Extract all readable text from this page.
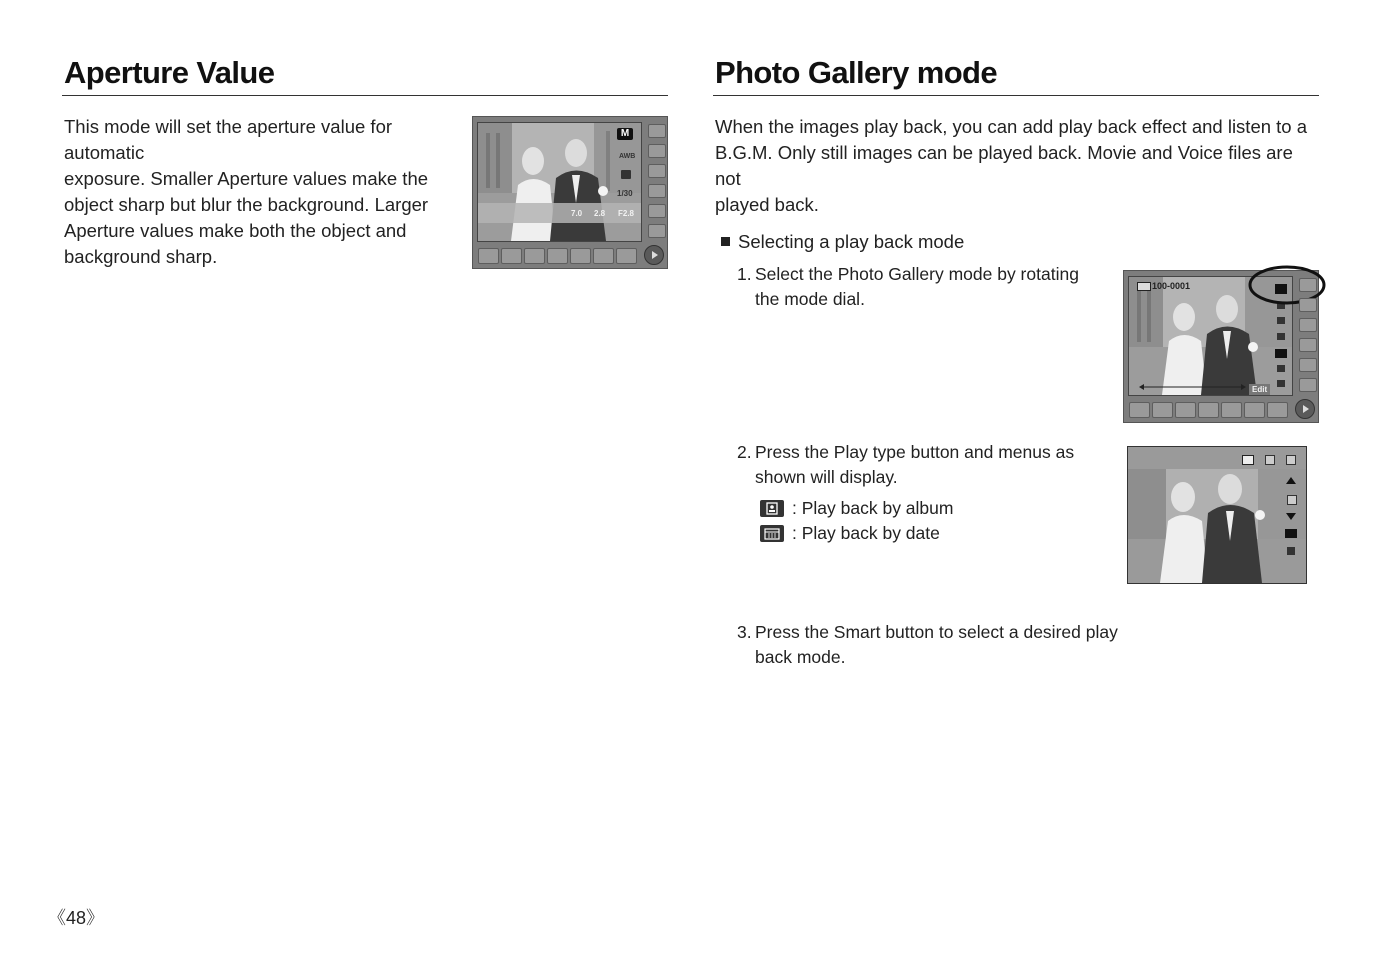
Aperture Value
This mode will set the aperture value for automatic
exposure. Smaller Aperture values make the
object sharp but blur the background. Larger
Aperture values make both the object and
background sharp.
M
AWB
1/30
7.0 2.8 F2.8
Photo Gallery mode
When the images play back, you can add play back effect and listen to a
B.G.M. Only still images can be played back. Movie and Voice files are not
played back.
Selecting a play back mode
1. Select the Photo Gallery mode by rotating
the mode dial.
2. Press the Play type button and menus as
shown will display.
: Play back by album
: Play back by date
3. Press the Smart button to select a desired play
back mode.
100-0001
Edit
《48》
